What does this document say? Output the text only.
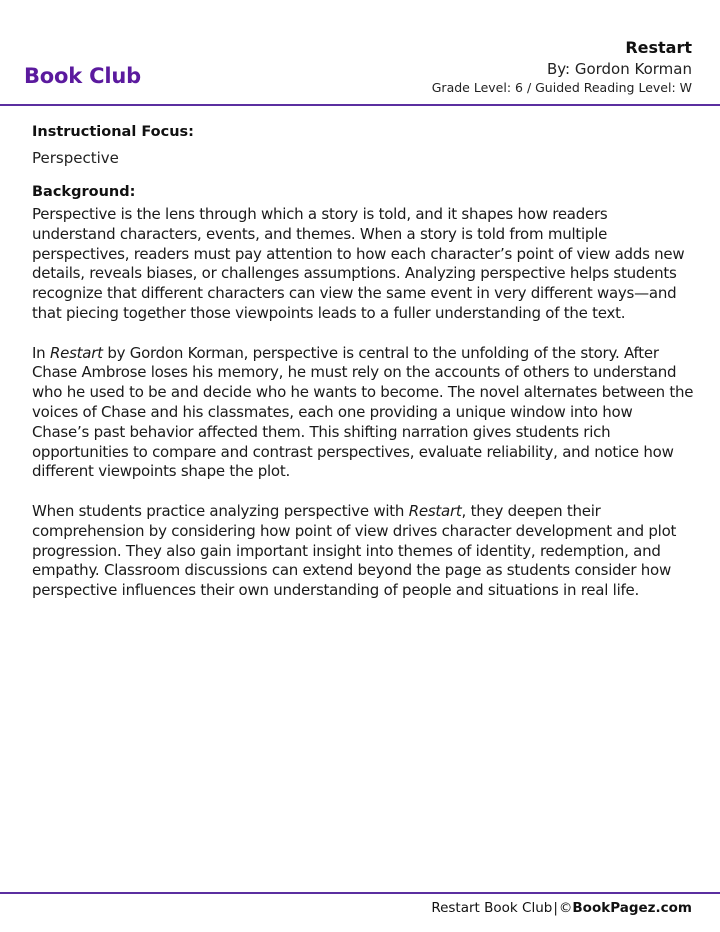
Book Club
Restart
By: Gordon Korman
Grade Level: 6 / Guided Reading Level: W

Instructional Focus:

Perspective

Background:

Perspective is the lens through which a story is told, and it shapes how readers understand characters, events, and themes. When a story is told from multiple perspectives, readers must pay attention to how each character’s point of view adds new details, reveals biases, or challenges assumptions. Analyzing perspective helps students recognize that different characters can view the same event in very different ways—and that piecing together those viewpoints leads to a fuller understanding of the text.

In Restart by Gordon Korman, perspective is central to the unfolding of the story. After Chase Ambrose loses his memory, he must rely on the accounts of others to understand who he used to be and decide who he wants to become. The novel alternates between the voices of Chase and his classmates, each one providing a unique window into how Chase’s past behavior affected them. This shifting narration gives students rich opportunities to compare and contrast perspectives, evaluate reliability, and notice how different viewpoints shape the plot.

When students practice analyzing perspective with Restart, they deepen their comprehension by considering how point of view drives character development and plot progression. They also gain important insight into themes of identity, redemption, and empathy. Classroom discussions can extend beyond the page as students consider how perspective influences their own understanding of people and situations in real life.

Restart Book Club|©BookPagez.com
